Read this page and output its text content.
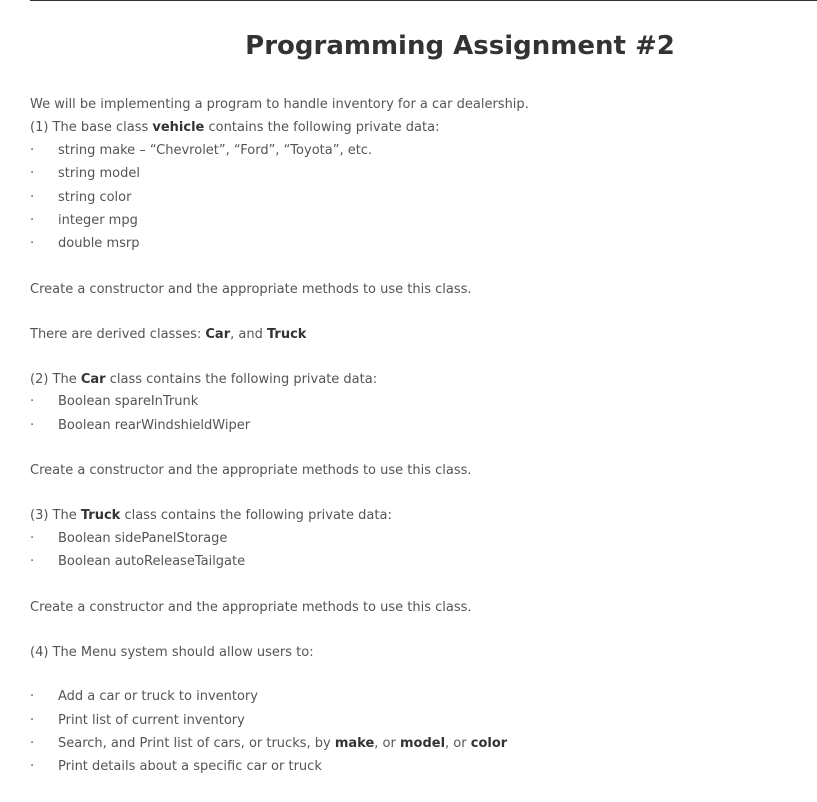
Programming Assignment #2
We will be implementing a program to handle inventory for a car dealership.
(1) The base class vehicle contains the following private data:
·	string make – “Chevrolet”, “Ford”, “Toyota”, etc.
·	string model
·	string color
·	integer mpg
·	double msrp
Create a constructor and the appropriate methods to use this class.
There are derived classes: Car, and Truck
(2) The Car class contains the following private data:
·	Boolean spareInTrunk
·	Boolean rearWindshieldWiper
Create a constructor and the appropriate methods to use this class.
(3) The Truck class contains the following private data:
·	Boolean sidePanelStorage
·	Boolean autoReleaseTailgate
Create a constructor and the appropriate methods to use this class.
(4) The Menu system should allow users to:
·	Add a car or truck to inventory
·	Print list of current inventory
·	Search, and Print list of cars, or trucks, by make, or model, or color
·	Print details about a specific car or truck
